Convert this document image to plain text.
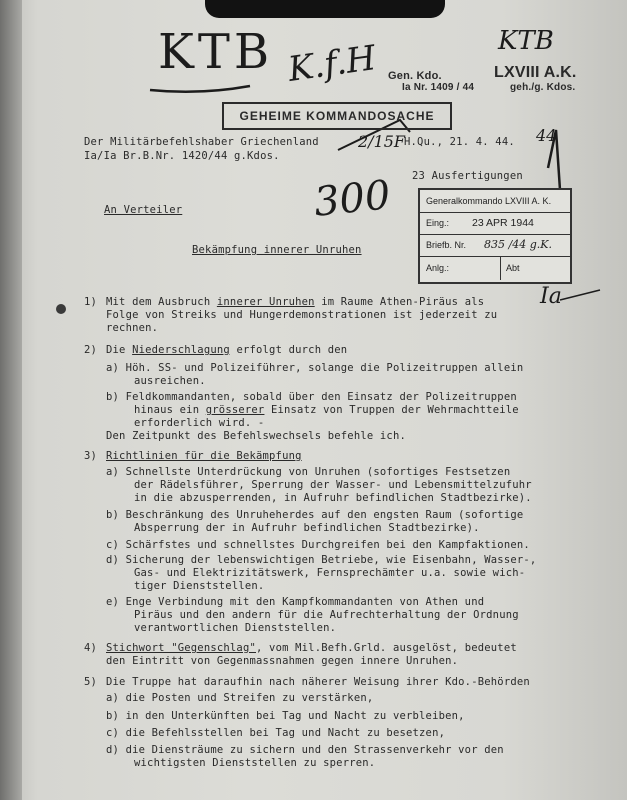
KTB K.f.H	KTB
300
2/15F	44
Ia
Gen. Kdo.	LXVIII A.K.
Ia Nr. 1409 / 44	geh./g. Kdos.
GEHEIME KOMMANDOSACHE
Der Militärbefehlshaber Griechenland
Ia/Ia Br.B.Nr. 1420/44 g.Kdos.
H.Qu., 21. 4. 44.
23 Ausfertigungen
An Verteiler
Bekämpfung innerer Unruhen
Generalkommando LXVIII A. K.
Eing.: 23 APR 1944
Briefb. Nr. 835 /44 g.K.
Anlg.:	Abt
1) Mit dem Ausbruch innerer Unruhen im Raume Athen-Piräus als
Folge von Streiks und Hungerdemonstrationen ist jederzeit zu
rechnen.
2) Die Niederschlagung erfolgt durch den
a) Höh. SS- und Polizeiführer, solange die Polizeitruppen allein
ausreichen.
b) Feldkommandanten, sobald über den Einsatz der Polizeitruppen
hinaus ein grösserer Einsatz von Truppen der Wehrmachtteile
erforderlich wird. -
Den Zeitpunkt des Befehlswechsels befehle ich.
3) Richtlinien für die Bekämpfung
a) Schnellste Unterdrückung von Unruhen (sofortiges Festsetzen
der Rädelsführer, Sperrung der Wasser- und Lebensmittelzufuhr
in die abzusperrenden, in Aufruhr befindlichen Stadtbezirke).
b) Beschränkung des Unruheherdes auf den engsten Raum (sofortige
Absperrung der in Aufruhr befindlichen Stadtbezirke).
c) Schärfstes und schnellstes Durchgreifen bei den Kampfaktionen.
d) Sicherung der lebenswichtigen Betriebe, wie Eisenbahn, Wasser-,
Gas- und Elektrizitätswerk, Fernsprechämter u.a. sowie wich-
tiger Dienststellen.
e) Enge Verbindung mit den Kampfkommandanten von Athen und
Piräus und den andern für die Aufrechterhaltung der Ordnung
verantwortlichen Dienststellen.
4) Stichwort "Gegenschlag", vom Mil.Befh.Grld. ausgelöst, bedeutet
den Eintritt von Gegenmassnahmen gegen innere Unruhen.
5) Die Truppe hat daraufhin nach näherer Weisung ihrer Kdo.-Behörden
a) die Posten und Streifen zu verstärken,
b) in den Unterkünften bei Tag und Nacht zu verbleiben,
c) die Befehlsstellen bei Tag und Nacht zu besetzen,
d) die Diensträume zu sichern und den Strassenverkehr vor den
wichtigsten Dienststellen zu sperren.
